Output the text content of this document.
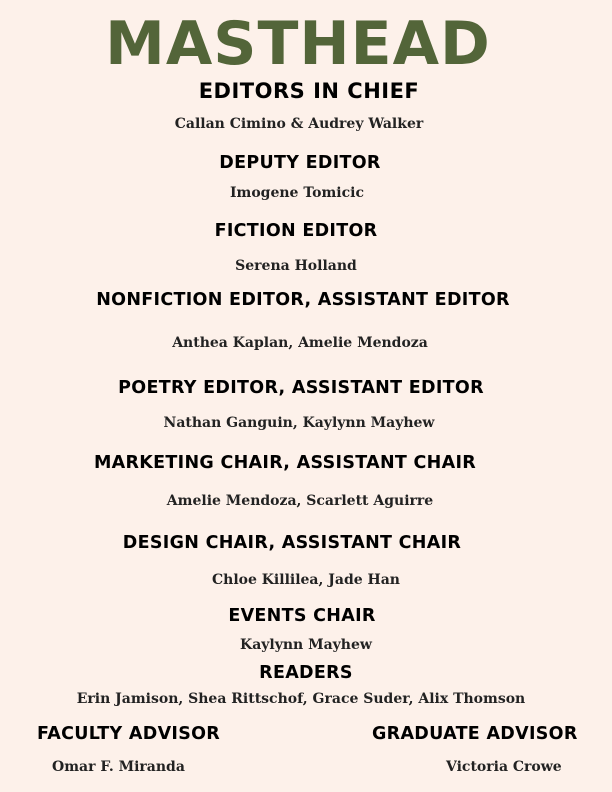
MASTHEAD
EDITORS IN CHIEF
Callan Cimino & Audrey Walker
DEPUTY EDITOR
Imogene Tomicic
FICTION EDITOR
Serena Holland
NONFICTION EDITOR, ASSISTANT EDITOR
Anthea Kaplan, Amelie Mendoza
POETRY EDITOR, ASSISTANT EDITOR
Nathan Ganguin, Kaylynn Mayhew
MARKETING CHAIR, ASSISTANT CHAIR
Amelie Mendoza, Scarlett Aguirre
DESIGN CHAIR, ASSISTANT CHAIR
Chloe Killilea, Jade Han
EVENTS CHAIR
Kaylynn Mayhew
READERS
Erin Jamison, Shea Rittschof, Grace Suder, Alix Thomson
FACULTY ADVISOR
Omar F. Miranda
GRADUATE ADVISOR
Victoria Crowe
